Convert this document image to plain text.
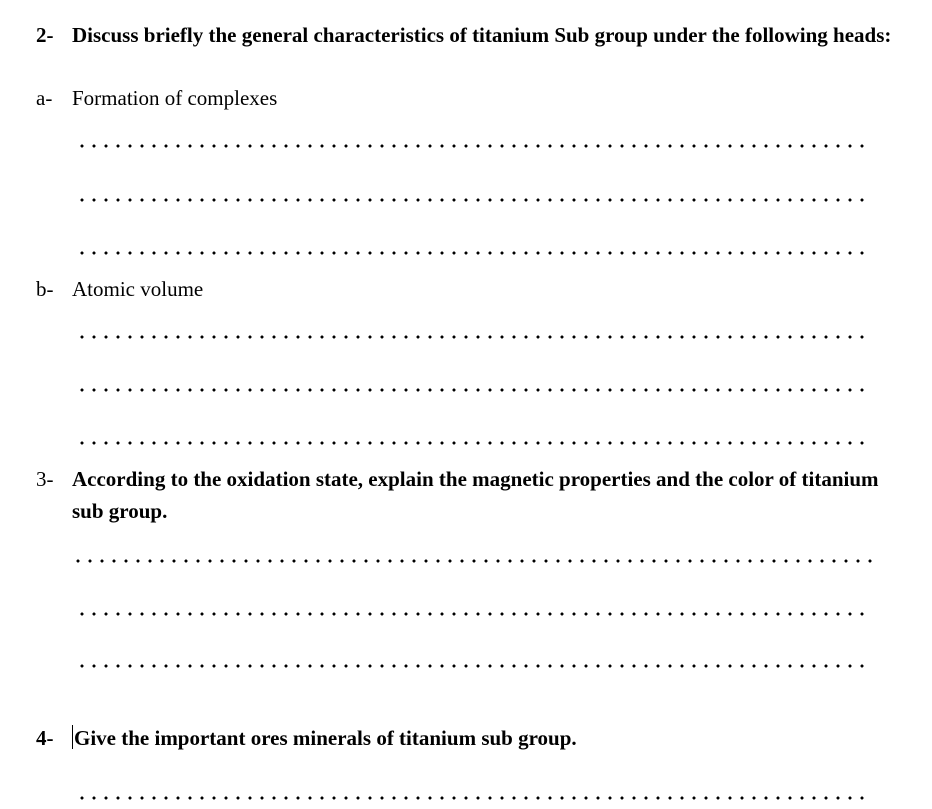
2- Discuss briefly the general characteristics of titanium Sub group under the following heads:
a- Formation of complexes
b- Atomic volume
3- According to the oxidation state, explain the magnetic properties and the color of titanium sub group.
4- Give the important ores minerals of titanium sub group.
